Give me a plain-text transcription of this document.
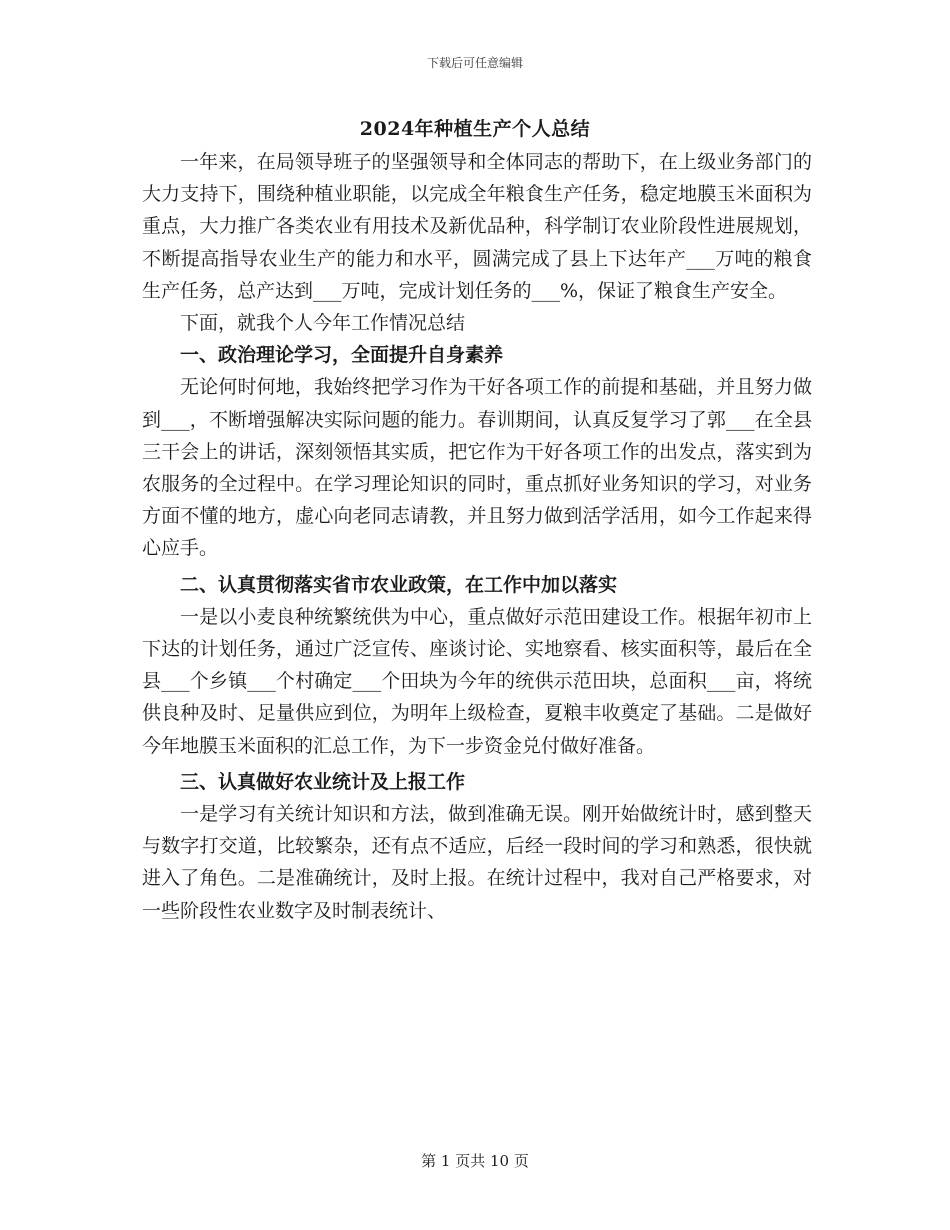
下载后可任意编辑
2024年种植生产个人总结

一年来，在局领导班子的坚强领导和全体同志的帮助下，在上级业务部门的大力支持下，围绕种植业职能，以完成全年粮食生产任务，稳定地膜玉米面积为重点，大力推广各类农业有用技术及新优品种，科学制订农业阶段性进展规划，不断提高指导农业生产的能力和水平，圆满完成了县上下达年产___万吨的粮食生产任务，总产达到___万吨，完成计划任务的___%，保证了粮食生产安全。

下面，就我个人今年工作情况总结

一、政治理论学习，全面提升自身素养

无论何时何地，我始终把学习作为干好各项工作的前提和基础，并且努力做到___，不断增强解决实际问题的能力。春训期间，认真反复学习了郭___在全县三干会上的讲话，深刻领悟其实质，把它作为干好各项工作的出发点，落实到为农服务的全过程中。在学习理论知识的同时，重点抓好业务知识的学习，对业务方面不懂的地方，虚心向老同志请教，并且努力做到活学活用，如今工作起来得心应手。

二、认真贯彻落实省市农业政策，在工作中加以落实

一是以小麦良种统繁统供为中心，重点做好示范田建设工作。根据年初市上下达的计划任务，通过广泛宣传、座谈讨论、实地察看、核实面积等，最后在全县___个乡镇___个村确定___个田块为今年的统供示范田块，总面积___亩，将统供良种及时、足量供应到位，为明年上级检查，夏粮丰收奠定了基础。二是做好今年地膜玉米面积的汇总工作，为下一步资金兑付做好准备。

三、认真做好农业统计及上报工作

一是学习有关统计知识和方法，做到准确无误。刚开始做统计时，感到整天与数字打交道，比较繁杂，还有点不适应，后经一段时间的学习和熟悉，很快就进入了角色。二是准确统计，及时上报。在统计过程中，我对自己严格要求，对一些阶段性农业数字及时制表统计、

第 1 页共 10 页
